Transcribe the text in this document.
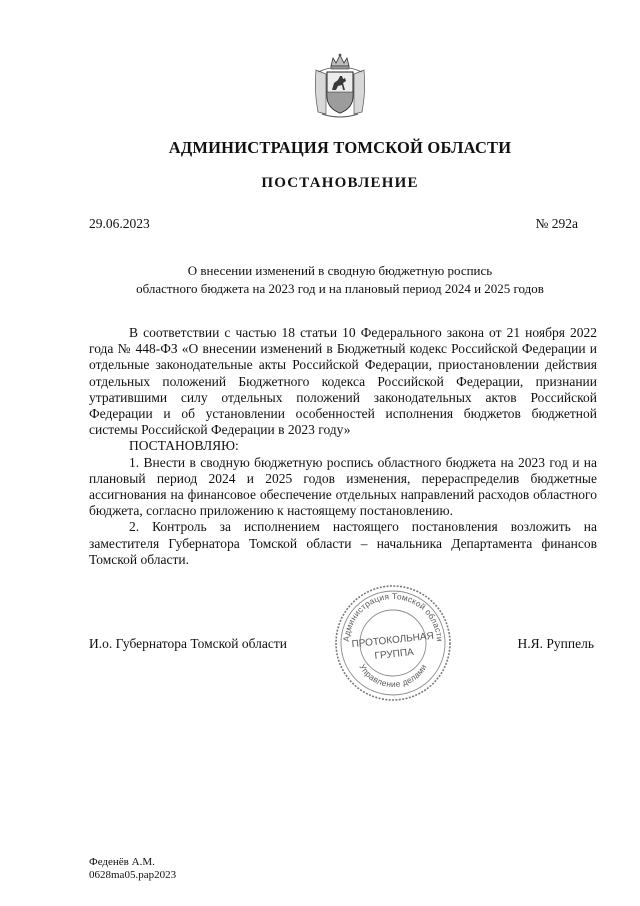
АДМИНИСТРАЦИЯ ТОМСКОЙ ОБЛАСТИ
ПОСТАНОВЛЕНИЕ
29.06.2023	№ 292а
О внесении изменений в сводную бюджетную роспись
областного бюджета на 2023 год и на плановый период 2024 и 2025 годов

В соответствии с частью 18 статьи 10 Федерального закона от 21 ноября 2022 года № 448-ФЗ «О внесении изменений в Бюджетный кодекс Российской Федерации и отдельные законодательные акты Российской Федерации, приостановлении действия отдельных положений Бюджетного кодекса Российской Федерации, признании утратившими силу отдельных положений законодательных актов Российской Федерации и об установлении особенностей исполнения бюджетов бюджетной системы Российской Федерации в 2023 году»

ПОСТАНОВЛЯЮ:

1. Внести в сводную бюджетную роспись областного бюджета на 2023 год и на плановый период 2024 и 2025 годов изменения, перераспределив бюджетные ассигнования на финансовое обеспечение отдельных направлений расходов областного бюджета, согласно приложению к настоящему постановлению.

2. Контроль за исполнением настоящего постановления возложить на заместителя Губернатора Томской области – начальника Департамента финансов Томской области.

Администрация Томской области
Управление делами
ПРОТОКОЛЬНАЯ
ГРУППА
И.о. Губернатора Томской области	Н.Я. Руппель
Феденёв А.М.
0628ma05.pap2023
